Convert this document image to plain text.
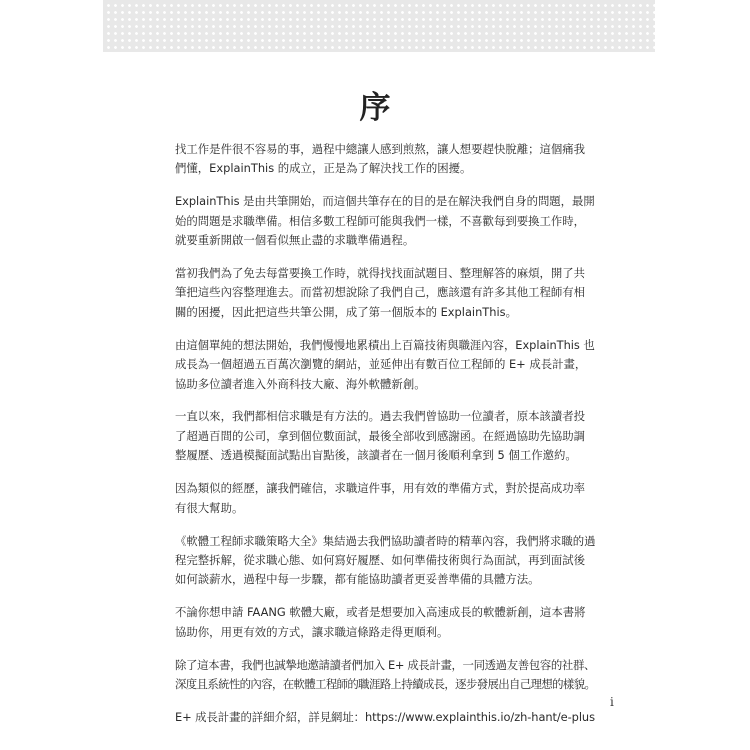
序

找工作是件很不容易的事，過程中總讓人感到煎熬，讓人想要趕快脫離；這個痛我
們懂，ExplainThis 的成立，正是為了解決找工作的困擾。

ExplainThis 是由共筆開始，而這個共筆存在的目的是在解決我們自身的問題，最開
始的問題是求職準備。相信多數工程師可能與我們一樣，不喜歡每到要換工作時，
就要重新開啟一個看似無止盡的求職準備過程。

當初我們為了免去每當要換工作時，就得找找面試題目、整理解答的麻煩，開了共
筆把這些內容整理進去。而當初想說除了我們自己，應該還有許多其他工程師有相
關的困擾，因此把這些共筆公開，成了第一個版本的 ExplainThis。

由這個單純的想法開始，我們慢慢地累積出上百篇技術與職涯內容，ExplainThis 也
成長為一個超過五百萬次瀏覽的網站，並延伸出有數百位工程師的 E+ 成長計畫，
協助多位讀者進入外商科技大廠、海外軟體新創。

一直以來，我們都相信求職是有方法的。過去我們曾協助一位讀者，原本該讀者投
了超過百間的公司，拿到個位數面試，最後全部收到感謝函。在經過協助先協助調
整履歷、透過模擬面試點出盲點後，該讀者在一個月後順利拿到 5 個工作邀約。

因為類似的經歷，讓我們確信，求職這件事，用有效的準備方式，對於提高成功率
有很大幫助。

《軟體工程師求職策略大全》集結過去我們協助讀者時的精華內容，我們將求職的過
程完整拆解，從求職心態、如何寫好履歷、如何準備技術與行為面試，再到面試後
如何談薪水，過程中每一步驟，都有能協助讀者更妥善準備的具體方法。

不論你想申請 FAANG 軟體大廠，或者是想要加入高速成長的軟體新創，這本書將
協助你，用更有效的方式，讓求職這條路走得更順利。

除了這本書，我們也誠摯地邀請讀者們加入 E+ 成長計畫，一同透過友善包容的社群、
深度且系統性的內容，在軟體工程師的職涯路上持續成長，逐步發展出自己理想的樣貌。

E+ 成長計畫的詳細介紹，詳見網址：https://www.explainthis.io/zh-hant/e-plus

i
